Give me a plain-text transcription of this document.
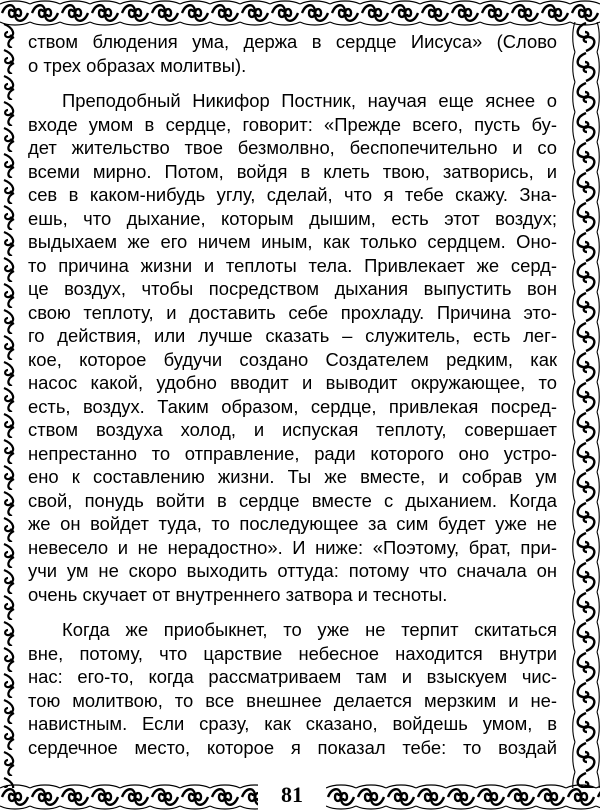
81
ством блюдения ума, держа в сердце Иисуса» (Слово
о трех образах молитвы).
Преподобный Никифор Постник, научая еще яснее о
входе умом в сердце, говорит: «Прежде всего, пусть бу-
дет жительство твое безмолвно, беспопечительно и со
всеми мирно. Потом, войдя в клеть твою, затворись, и
сев в каком-нибудь углу, сделай, что я тебе скажу. Зна-
ешь, что дыхание, которым дышим, есть этот воздух;
выдыхаем же его ничем иным, как только сердцем. Оно-
то причина жизни и теплоты тела. Привлекает же серд-
це воздух, чтобы посредством дыхания выпустить вон
свою теплоту, и доставить себе прохладу. Причина это-
го действия, или лучше сказать – служитель, есть лег-
кое, которое будучи создано Создателем редким, как
насос какой, удобно вводит и выводит окружающее, то
есть, воздух. Таким образом, сердце, привлекая посред-
ством воздуха холод, и испуская теплоту, совершает
непрестанно то отправление, ради которого оно устро-
ено к составлению жизни. Ты же вместе, и собрав ум
свой, понудь войти в сердце вместе с дыханием. Когда
же он войдет туда, то последующее за сим будет уже не
невесело и не нерадостно». И ниже: «Поэтому, брат, при-
учи ум не скоро выходить оттуда: потому что сначала он
очень скучает от внутреннего затвора и тесноты.
Когда же приобыкнет, то уже не терпит скитаться
вне, потому, что царствие небесное находится внутри
нас: его-то, когда рассматриваем там и взыскуем чис-
тою молитвою, то все внешнее делается мерзким и не-
навистным. Если сразу, как сказано, войдешь умом, в
сердечное место, которое я показал тебе: то воздай
